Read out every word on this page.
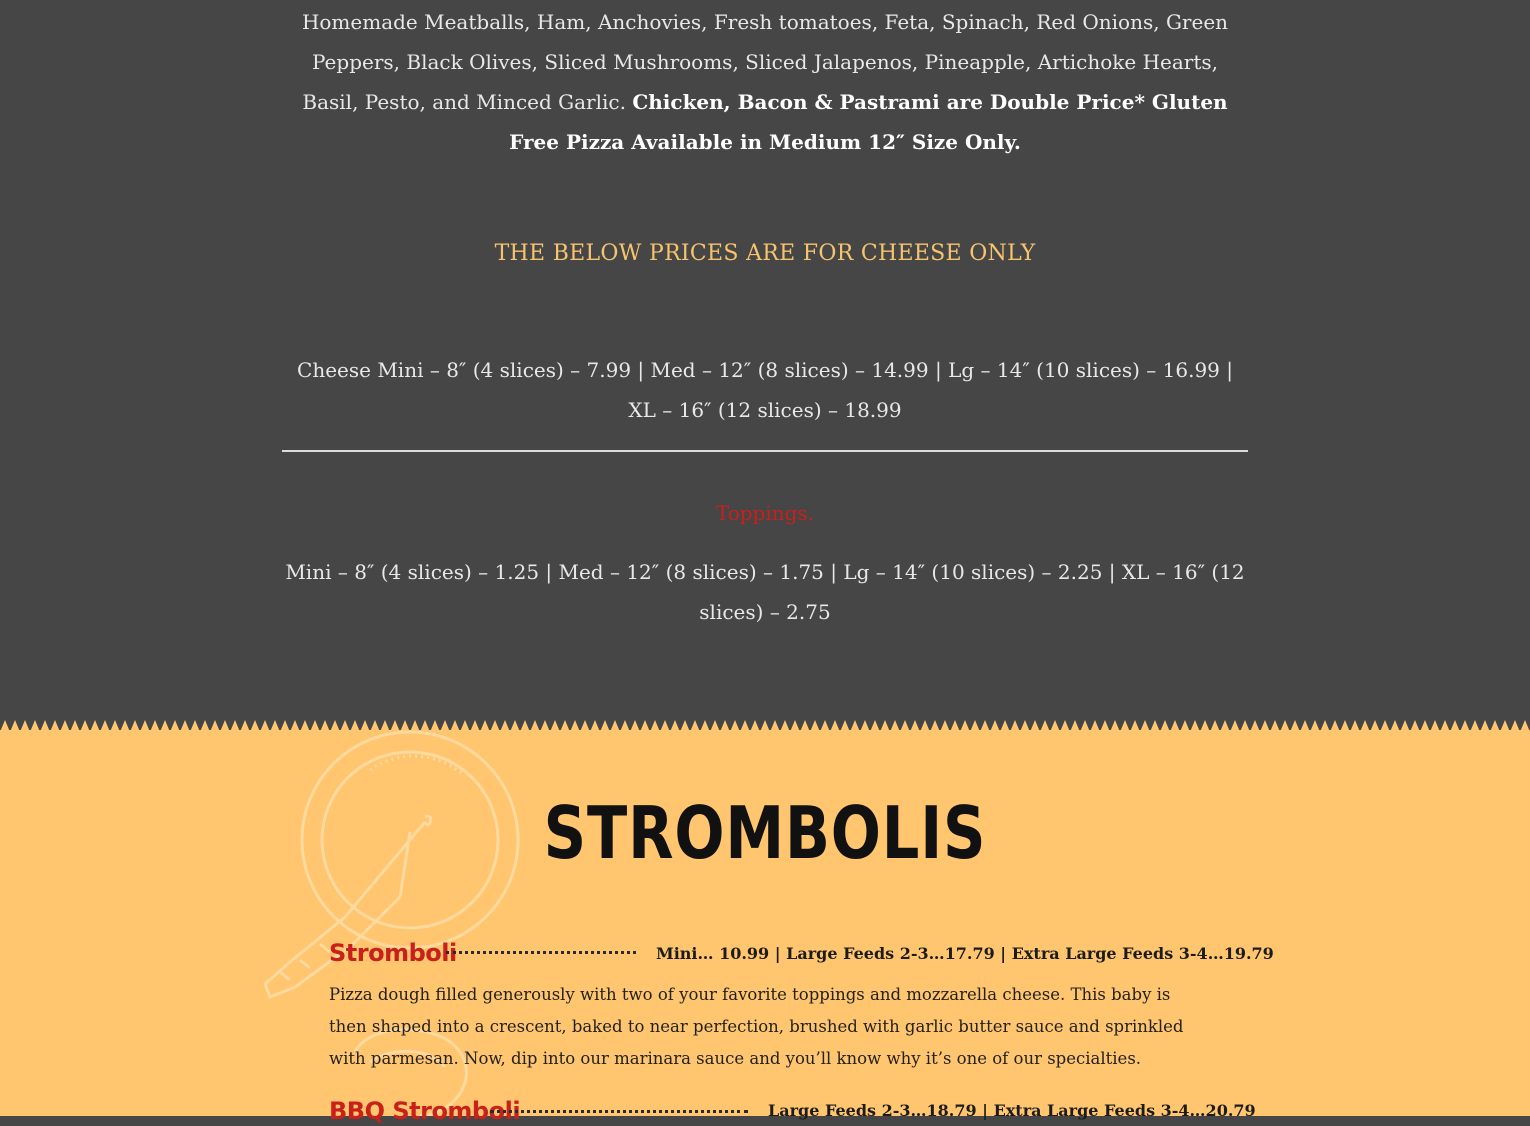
Homemade Meatballs, Ham, Anchovies, Fresh tomatoes, Feta, Spinach, Red Onions, Green Peppers, Black Olives, Sliced Mushrooms, Sliced Jalapenos, Pineapple, Artichoke Hearts, Basil, Pesto, and Minced Garlic. Chicken, Bacon & Pastrami are Double Price* Gluten Free Pizza Available in Medium 12″ Size Only.
THE BELOW PRICES ARE FOR CHEESE ONLY
Cheese Mini – 8″ (4 slices) – 7.99 | Med – 12″ (8 slices) – 14.99 | Lg – 14″ (10 slices) – 16.99 | XL – 16″ (12 slices) – 18.99
Toppings.
Mini – 8″ (4 slices) – 1.25 | Med – 12″ (8 slices) – 1.75 | Lg – 14″ (10 slices) – 2.25 | XL – 16″ (12 slices) – 2.75
STROMBOLIS
Stromboli	Mini… 10.99 | Large Feeds 2-3…17.79 | Extra Large Feeds 3-4…19.79
Pizza dough filled generously with two of your favorite toppings and mozzarella cheese. This baby is then shaped into a crescent, baked to near perfection, brushed with garlic butter sauce and sprinkled with parmesan. Now, dip into our marinara sauce and you’ll know why it’s one of our specialties.
BBQ Stromboli	Large Feeds 2-3…18.79 | Extra Large Feeds 3-4…20.79
